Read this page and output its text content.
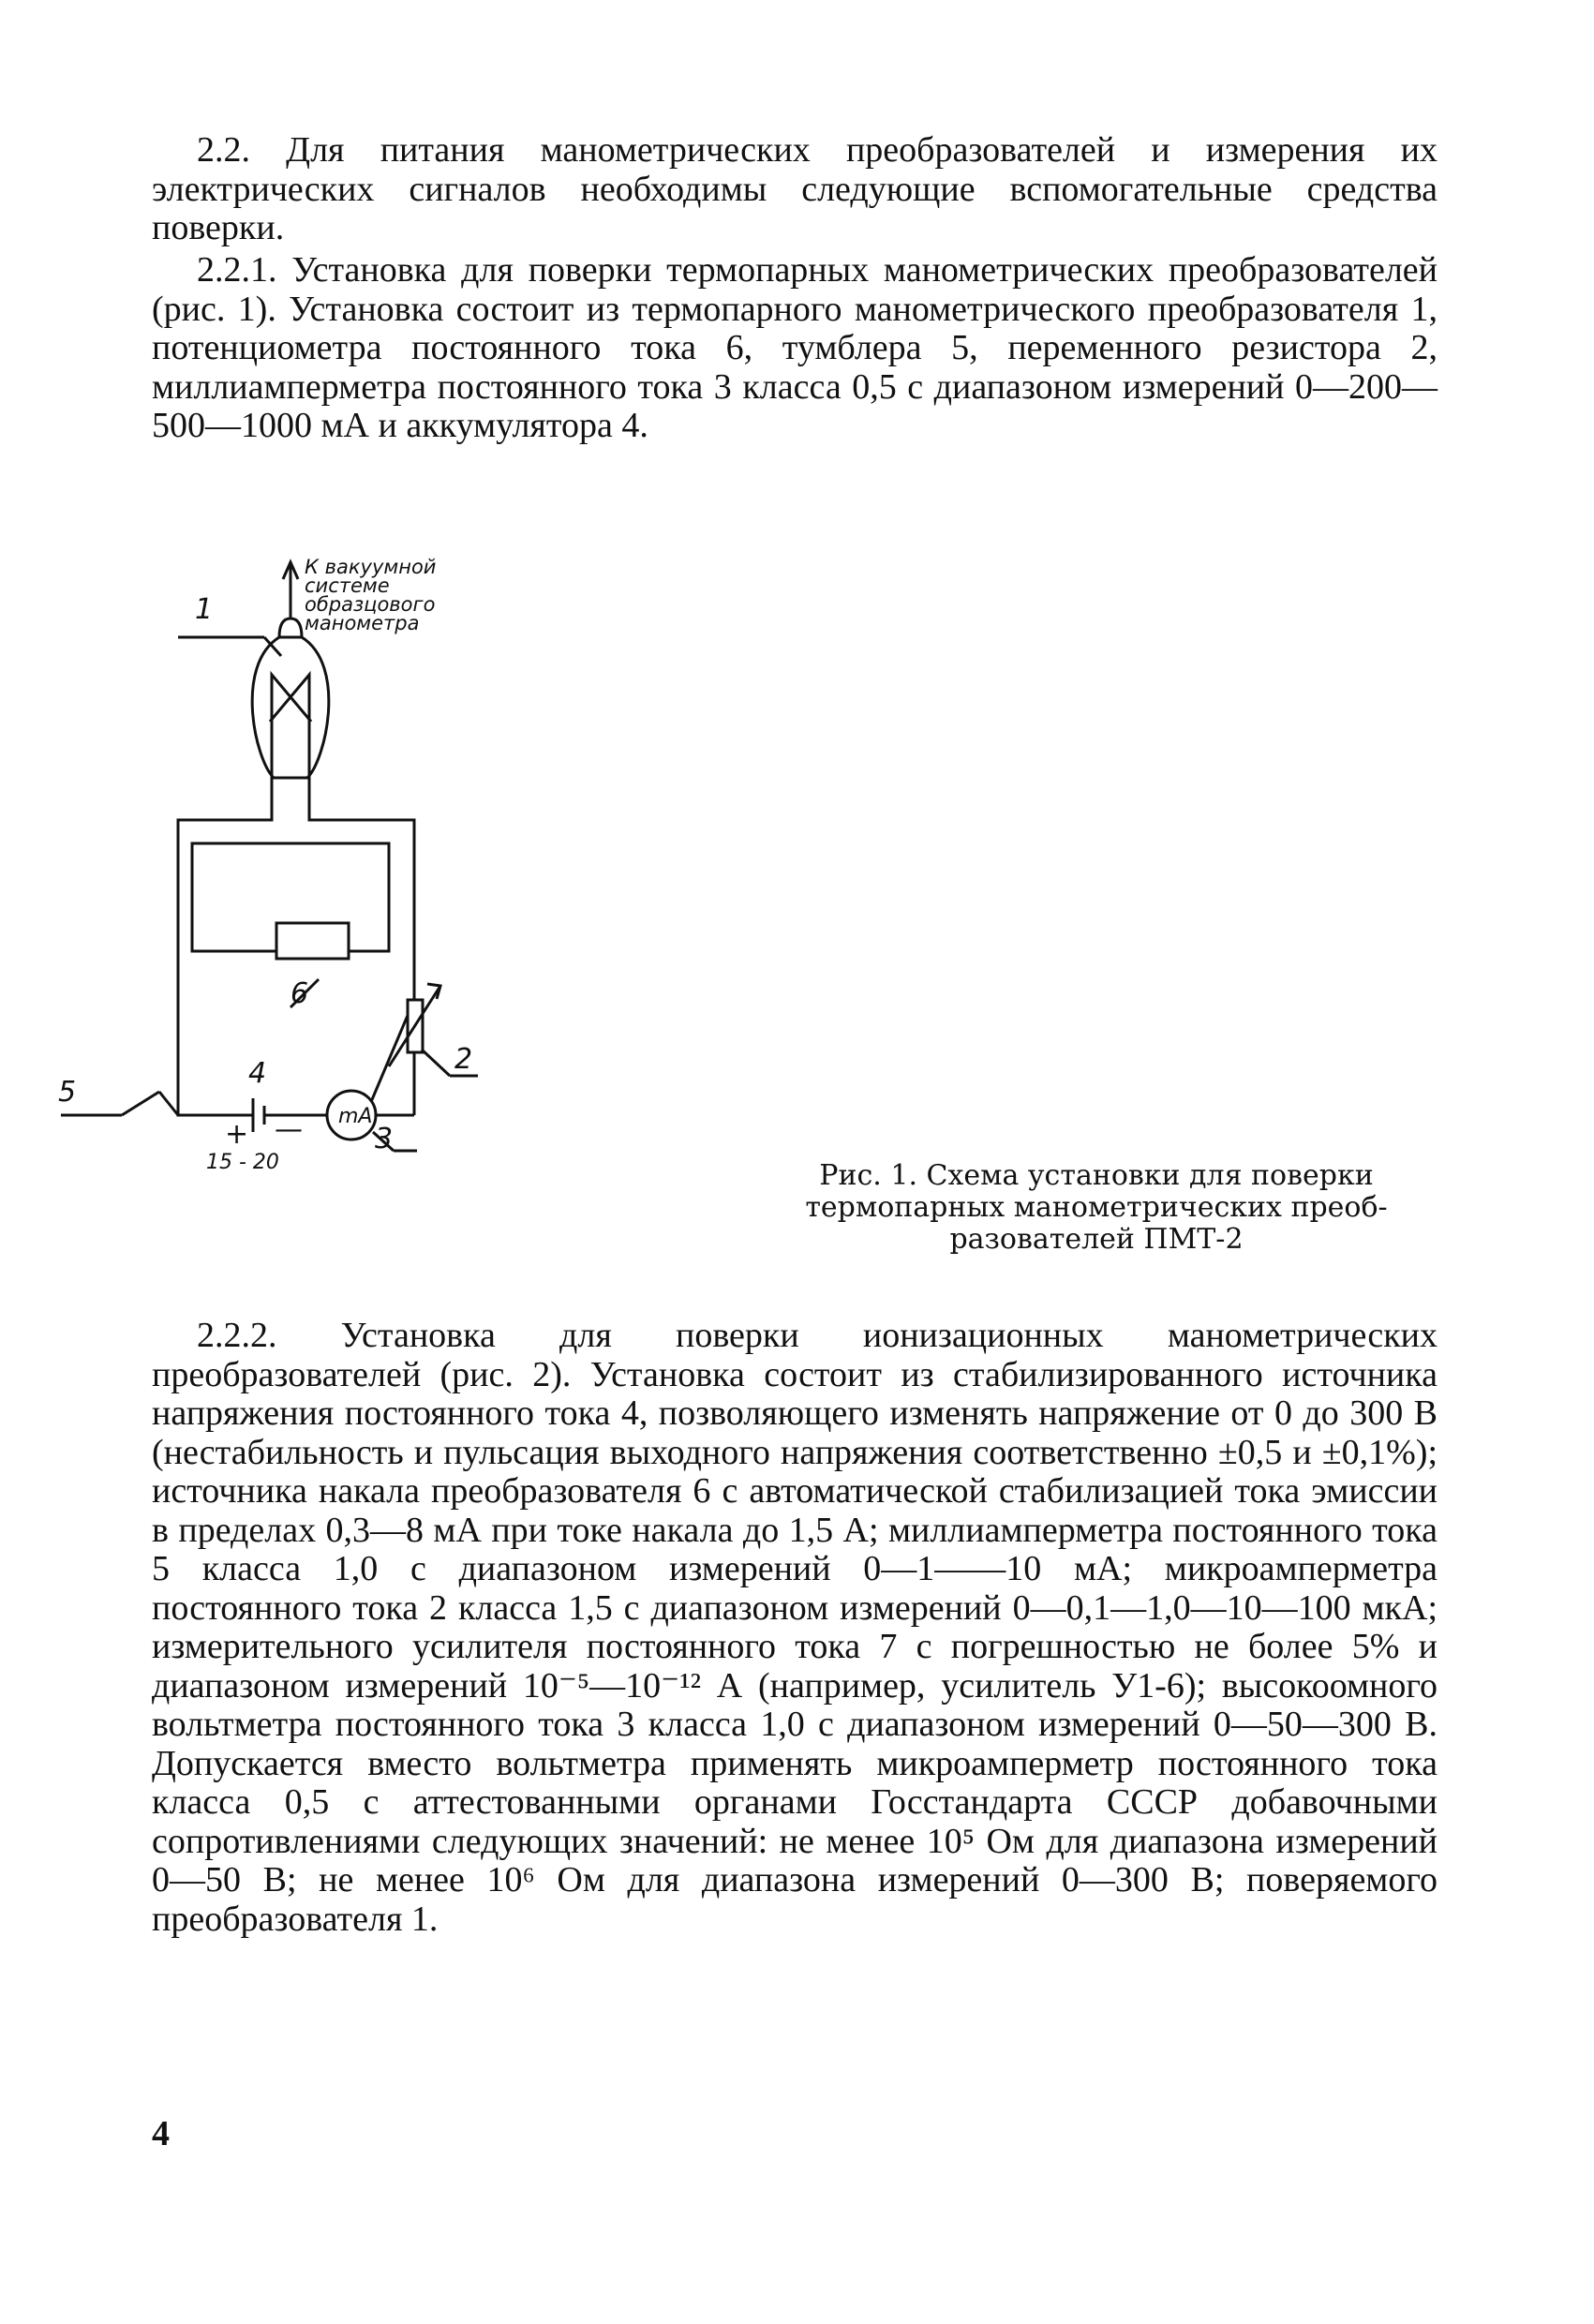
2.2. Для питания манометрических преобразователей и измерения их электрических сигналов необходимы следующие вспомогательные средства поверки.

2.2.1. Установка для поверки термопарных манометрических преобразователей (рис. 1). Установка состоит из термопарного манометрического преобразователя 1, потенциометра постоянного тока 6, тумблера 5, переменного резистора 2, миллиамперметра постоянного тока 3 класса 0,5 с диапазоном измерений 0—200—500—1000 мА и аккумулятора 4.

К вакуумной
системе
образцового
манометра
1
6
2
3
4
5
+ —
15 - 20
mA
Рис. 1. Схема установки для поверки
термопарных манометрических преоб-
разователей ПМТ-2

2.2.2. Установка для поверки ионизационных манометрических преобразователей (рис. 2). Установка состоит из стабилизированного источника напряжения постоянного тока 4, позволяющего изменять напряжение от 0 до 300 В (нестабильность и пульсация выходного напряжения соответственно ±0,5 и ±0,1%); источника накала преобразователя 6 с автоматической стабилизацией тока эмиссии в пределах 0,3—8 мА при токе накала до 1,5 А; миллиамперметра постоянного тока 5 класса 1,0 с диапазоном измерений 0—1——10 мА; микроамперметра постоянного тока 2 класса 1,5 с диапазоном измерений 0—0,1—1,0—10—100 мкА; измерительного усилителя постоянного тока 7 с погрешностью не более 5% и диапазоном измерений 10⁻⁵—10⁻¹² А (например, усилитель У1-6); высокоомного вольтметра постоянного тока 3 класса 1,0 с диапазоном измерений 0—50—300 В. Допускается вместо вольтметра применять микроамперметр постоянного тока класса 0,5 с аттестованными органами Госстандарта СССР добавочными сопротивлениями следующих значений: не менее 10⁵ Ом для диапазона измерений 0—50 В; не менее 10⁶ Ом для диапазона измерений 0—300 В; поверяемого преобразователя 1.

4
